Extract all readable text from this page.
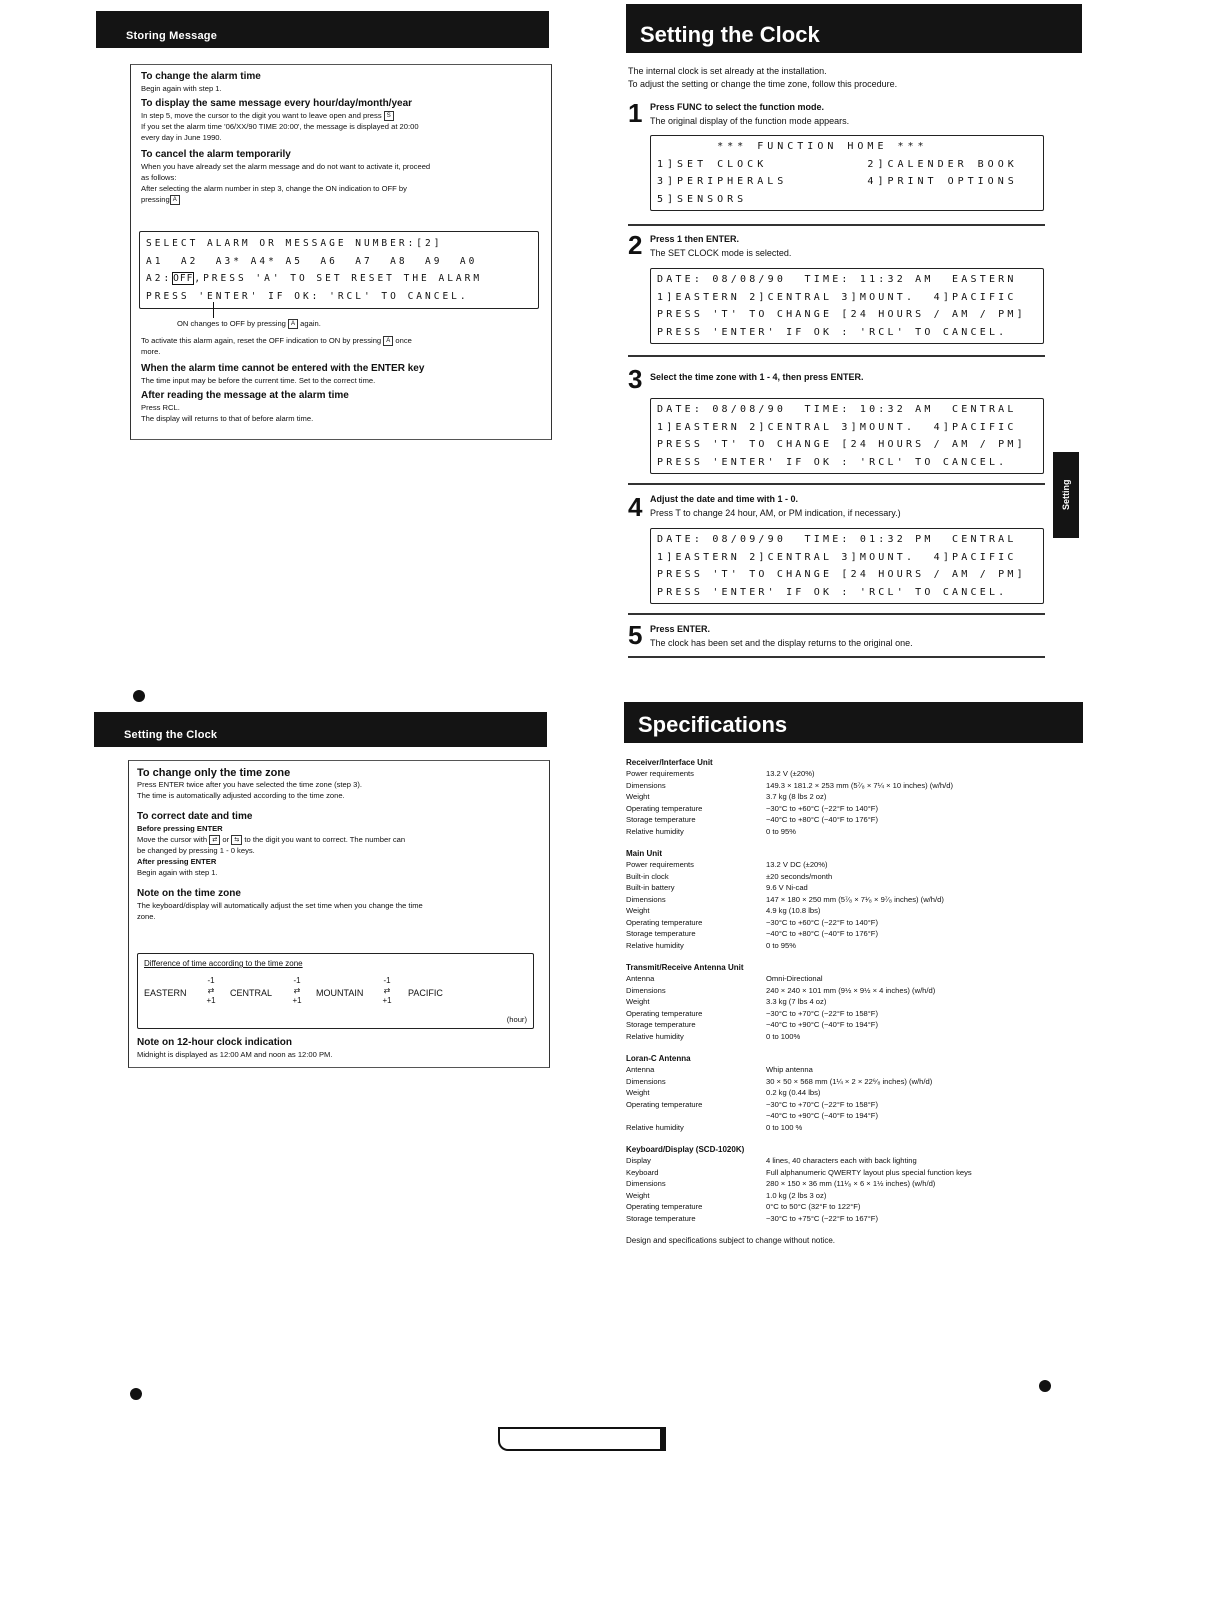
Storing Message

To change the alarm time

Begin again with step 1.

To display the same message every hour/day/month/year

In step 5, move the cursor to the digit you want to leave open and press S

If you set the alarm time '06/XX/90 TIME 20:00', the message is displayed at 20:00

every day in June 1990.

To cancel the alarm temporarily

When you have already set the alarm message and do not want to activate it, proceed

as follows:

After selecting the alarm number in step 3, change the ON indication to OFF by

pressing A

SELECT ALARM OR MESSAGE NUMBER:[2]

A1  A2  A3* A4* A5  A6  A7  A8  A9  A0

A2:OFF,PRESS 'A' TO SET RESET THE ALARM

PRESS 'ENTER' IF OK: 'RCL' TO CANCEL.

ON changes to OFF by pressing A again.

To activate this alarm again, reset the OFF indication to ON by pressing A once

more.

When the alarm time cannot be entered with the ENTER key

The time input may be before the current time. Set to the correct time.

After reading the message at the alarm time

Press RCL.

The display will returns to that of before alarm time.

Setting the Clock

The internal clock is set already at the installation.

To adjust the setting or change the time zone, follow this procedure.

1 Press FUNC to select the function mode.
The original display of the function mode appears.

*** FUNCTION HOME ***

1]SET CLOCK          2]CALENDER BOOK

3]PERIPHERALS        4]PRINT OPTIONS

5]SENSORS

2 Press 1 then ENTER.
The SET CLOCK mode is selected.

DATE: 08/08/90  TIME: 11:32 AM  EASTERN

1]EASTERN 2]CENTRAL 3]MOUNT.  4]PACIFIC

PRESS 'T' TO CHANGE [24 HOURS / AM / PM]

PRESS 'ENTER' IF OK : 'RCL' TO CANCEL.

3 Select the time zone with 1 - 4, then press ENTER.

DATE: 08/08/90  TIME: 10:32 AM  CENTRAL

1]EASTERN 2]CENTRAL 3]MOUNT.  4]PACIFIC

PRESS 'T' TO CHANGE [24 HOURS / AM / PM]

PRESS 'ENTER' IF OK : 'RCL' TO CANCEL.

4 Adjust the date and time with 1 - 0.
Press T to change 24 hour, AM, or PM indication, if necessary.)

DATE: 08/09/90  TIME: 01:32 PM  CENTRAL

1]EASTERN 2]CENTRAL 3]MOUNT.  4]PACIFIC

PRESS 'T' TO CHANGE [24 HOURS / AM / PM]

PRESS 'ENTER' IF OK : 'RCL' TO CANCEL.

5 Press ENTER.
The clock has been set and the display returns to the original one.
Setting
Setting the Clock

To change only the time zone

Press ENTER twice after you have selected the time zone (step 3).

The time is automatically adjusted according to the time zone.

To correct date and time

Before pressing ENTER

Move the cursor with ⇄ or ⇆ to the digit you want to correct. The number can

be changed by pressing 1 - 0 keys.

After pressing ENTER

Begin again with step 1.

Note on the time zone

The keyboard/display will automatically adjust the set time when you change the time

zone.

Difference of time according to the time zone
EASTERN
-1
⇄
+1
CENTRAL
-1
⇄
+1
MOUNTAIN
-1
⇄
+1
PACIFIC
(hour)

Note on 12-hour clock indication

Midnight is displayed as 12:00 AM and noon as 12:00 PM.

Specifications

Receiver/Interface Unit

Power requirements	13.2 V (±20%)
Dimensions	149.3 × 181.2 × 253 mm (5⁷⁄₈ × 7¼ × 10 inches) (w/h/d)
Weight	3.7 kg (8 lbs 2 oz)
Operating temperature	−30°C to +60°C (−22°F to 140°F)
Storage temperature	−40°C to +80°C (−40°F to 176°F)
Relative humidity	0 to 95%

Main Unit

Power requirements	13.2 V DC (±20%)
Built-in clock	±20 seconds/month
Built-in battery	9.6 V Ni-cad
Dimensions	147 × 180 × 250 mm (5⁷⁄₈ × 7¹⁄₈ × 9⁷⁄₈ inches) (w/h/d)
Weight	4.9 kg (10.8 lbs)
Operating temperature	−30°C to +60°C (−22°F to 140°F)
Storage temperature	−40°C to +80°C (−40°F to 176°F)
Relative humidity	0 to 95%

Transmit/Receive Antenna Unit

Antenna	Omni-Directional
Dimensions	240 × 240 × 101 mm (9½ × 9½ × 4 inches) (w/h/d)
Weight	3.3 kg (7 lbs 4 oz)
Operating temperature	−30°C to +70°C (−22°F to 158°F)
Storage temperature	−40°C to +90°C (−40°F to 194°F)
Relative humidity	0 to 100%

Loran-C Antenna

Antenna	Whip antenna
Dimensions	30 × 50 × 568 mm (1¼ × 2 × 22⁶⁄₈ inches) (w/h/d)
Weight	0.2 kg (0.44 lbs)
Operating temperature	−30°C to +70°C (−22°F to 158°F)
−40°C to +90°C (−40°F to 194°F)
Relative humidity	0 to 100 %

Keyboard/Display (SCD-1020K)

Display	4 lines, 40 characters each with back lighting
Keyboard	Full alphanumeric QWERTY layout plus special function keys
Dimensions	280 × 150 × 36 mm (11¹⁄₈ × 6 × 1½ inches) (w/h/d)
Weight	1.0 kg (2 lbs 3 oz)
Operating temperature	0°C to 50°C (32°F to 122°F)
Storage temperature	−30°C to +75°C (−22°F to 167°F)

Design and specifications subject to change without notice.
